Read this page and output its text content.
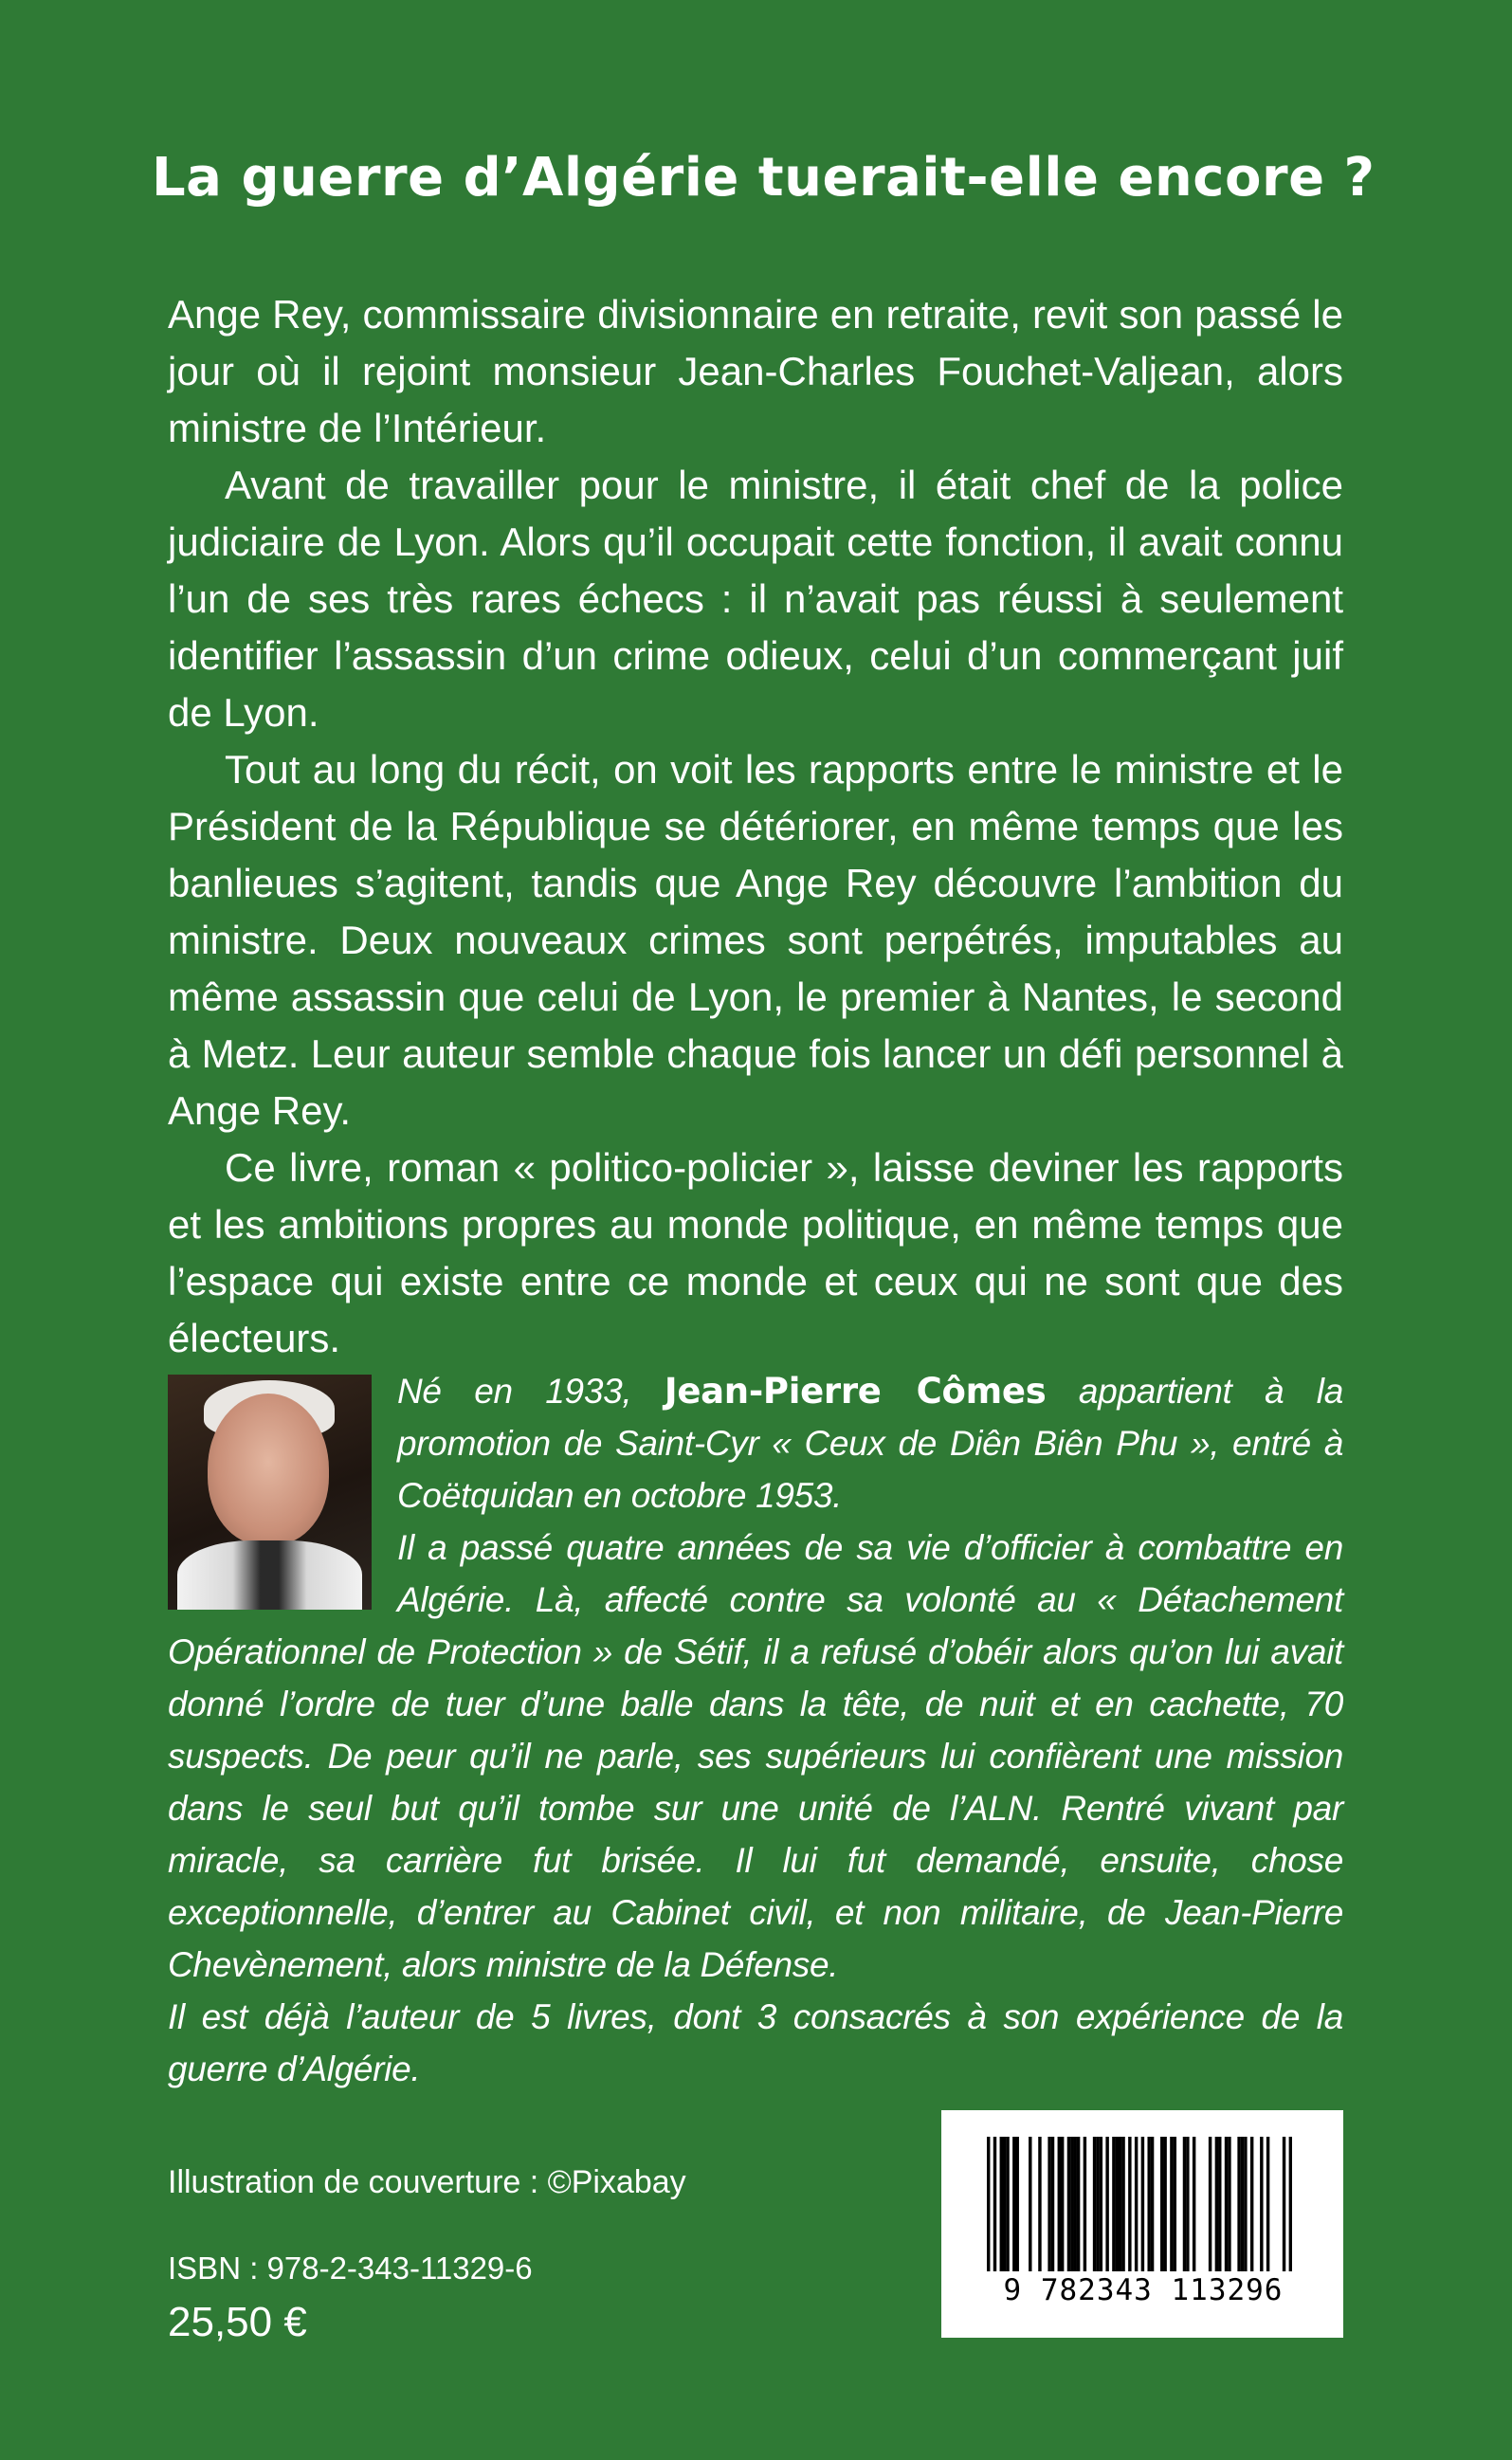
La guerre d’Algérie tuerait-elle encore ?

Ange Rey, commissaire divisionnaire en retraite, revit son passé le jour où il rejoint monsieur Jean-Charles Fouchet-Valjean, alors ministre de l’Intérieur.

Avant de travailler pour le ministre, il était chef de la police judiciaire de Lyon. Alors qu’il occupait cette fonction, il avait connu l’un de ses très rares échecs : il n’avait pas réussi à seulement identifier l’assassin d’un crime odieux, celui d’un commerçant juif de Lyon.

Tout au long du récit, on voit les rapports entre le ministre et le Président de la République se détériorer, en même temps que les banlieues s’agitent, tandis que Ange Rey découvre l’ambition du ministre. Deux nouveaux crimes sont perpétrés, imputables au même assassin que celui de Lyon, le premier à Nantes, le second à Metz. Leur auteur semble chaque fois lancer un défi personnel à Ange Rey.

Ce livre, roman « politico-policier », laisse deviner les rapports et les ambitions propres au monde politique, en même temps que l’espace qui existe entre ce monde et ceux qui ne sont que des électeurs.

Né en 1933, Jean-Pierre Cômes appartient à la promotion de Saint-Cyr « Ceux de Diên Biên Phu », entré à Coëtquidan en octobre 1953.

Il a passé quatre années de sa vie d’officier à combattre en Algérie. Là, affecté contre sa volonté au « Détachement Opérationnel de Protection » de Sétif, il a refusé d’obéir alors qu’on lui avait donné l’ordre de tuer d’une balle dans la tête, de nuit et en cachette, 70 suspects. De peur qu’il ne parle, ses supérieurs lui confièrent une mission dans le seul but qu’il tombe sur une unité de l’ALN. Rentré vivant par miracle, sa carrière fut brisée. Il lui fut demandé, ensuite, chose exceptionnelle, d’entrer au Cabinet civil, et non militaire, de Jean-Pierre Chevènement, alors ministre de la Défense.

Il est déjà l’auteur de 5 livres, dont 3 consacrés à son expérience de la guerre d’Algérie.

Illustration de couverture : ©Pixabay
ISBN : 978-2-343-11329-6
25,50 €
9 782343 113296
